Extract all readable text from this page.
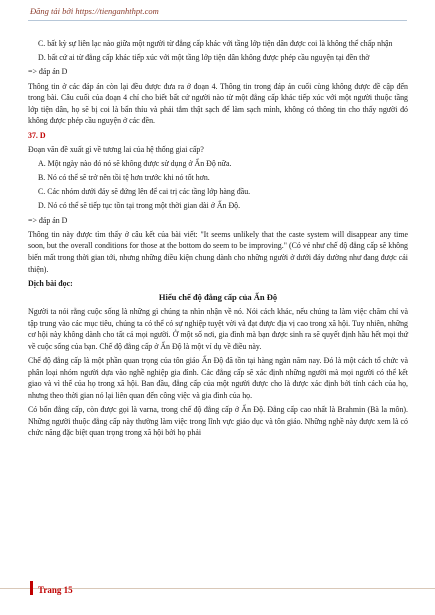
Đăng tải bởi https://tienganhthpt.com

C. bất kỳ sự liên lạc nào giữa một người từ đẳng cấp khác với tầng lớp tiện dân được coi là không thể chấp nhận

D. bất cứ ai từ đẳng cấp khác tiếp xúc với một tầng lớp tiện dân không được phép cầu nguyện tại đền thờ

=> đáp án D

Thông tin ở các đáp án còn lại đều được đưa ra ở đoạn 4. Thông tin trong đáp án cuối cùng không được đề cập đến trong bài. Câu cuối của đoạn 4 chỉ cho biết bất cứ người nào từ một đẳng cấp khác tiếp xúc với một người thuộc tầng lớp tiện dân, họ sẽ bị coi là bẩn thỉu và phải tắm thật sạch để làm sạch mình, không có thông tin cho thấy người đó không được phép cầu nguyện ở các đền.

37. D

Đoạn văn đề xuất gì về tương lai của hệ thống giai cấp?

A. Một ngày nào đó nó sẽ không được sử dụng ở Ấn Độ nữa.

B. Nó có thể sẽ trở nên tồi tệ hơn trước khi nó tốt hơn.

C. Các nhóm dưới đáy sẽ đứng lên để cai trị các tầng lớp hàng đầu.

D. Nó có thể sẽ tiếp tục tồn tại trong một thời gian dài ở Ấn Độ.

=> đáp án D

Thông tin này được tìm thấy ở câu kết của bài viết: "It seems unlikely that the caste system will disappear any time soon, but the overall conditions for those at the bottom do seem to be improving." (Có vẻ như chế độ đẳng cấp sẽ không biến mất trong thời gian tới, nhưng những điều kiện chung dành cho những người ở dưới đáy dường như đang được cải thiện).

Dịch bài đọc:

Hiểu chế độ đẳng cấp của Ấn Độ

Người ta nói rằng cuộc sống là những gì chúng ta nhìn nhận về nó. Nói cách khác, nếu chúng ta làm việc chăm chỉ và tập trung vào các mục tiêu, chúng ta có thể có sự nghiệp tuyệt vời và đạt được địa vị cao trong xã hội. Tuy nhiên, những cơ hội này không dành cho tất cả mọi người. Ở một số nơi, gia đình mà bạn được sinh ra sẽ quyết định hầu hết mọi thứ về cuộc sống của bạn. Chế độ đẳng cấp ở Ấn Độ là một ví dụ về điều này.

Chế độ đẳng cấp là một phần quan trọng của tôn giáo Ấn Độ đã tồn tại hàng ngàn năm nay. Đó là một cách tổ chức và phân loại nhóm người dựa vào nghề nghiệp gia đình. Các đẳng cấp sẽ xác định những người mà mọi người có thể kết giao và vì thế của họ trong xã hội. Ban đầu, đẳng cấp của một người được cho là được xác định bởi tính cách của họ, nhưng theo thời gian nó lại liên quan đến công việc và gia đình của họ.

Có bốn đẳng cấp, còn được gọi là varna, trong chế độ đẳng cấp ở Ấn Độ. Đẳng cấp cao nhất là Brahmin (Bà la môn). Những người thuộc đẳng cấp này thường làm việc trong lĩnh vực giáo dục và tôn giáo. Những nghề này được xem là có chức năng đặc biệt quan trọng trong xã hội bởi họ phải

Trang 15
